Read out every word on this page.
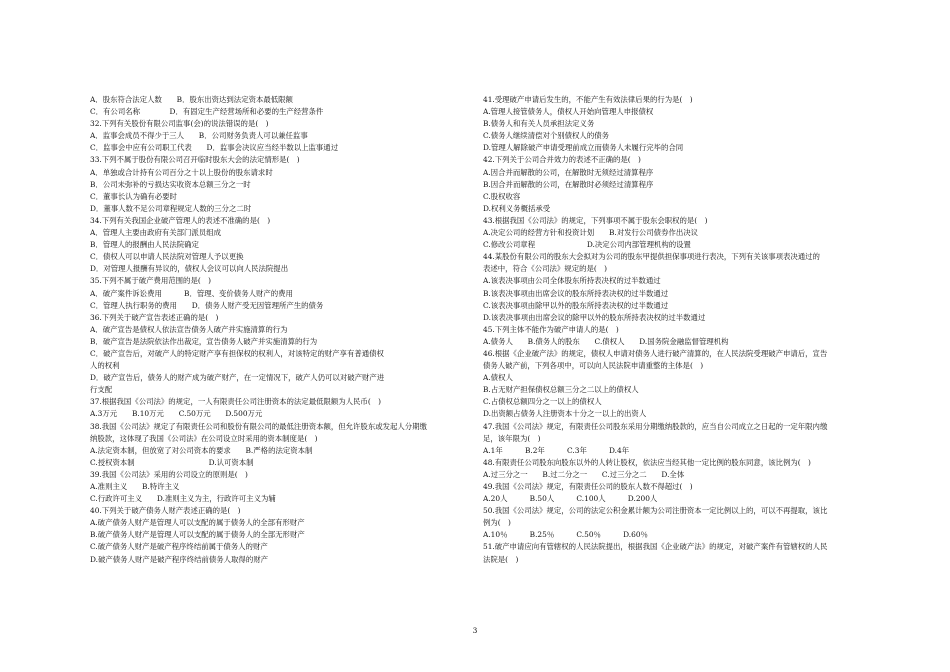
A．股东符合法定人数　　B．股东出资达到法定资本最低限额
C．有公司名称　　　　D．有固定生产经营场所和必要的生产经营条件
32.下列有关股份有限公司监事(会)的说法错误的是(　)
A．监事会成员不得少于三人　　B．公司财务负责人可以兼任监事
C．监事会中应有公司职工代表　　D．监事会决议应当经半数以上监事通过
33.下列不属于股份有限公司召开临时股东大会的法定情形是(　)
A．单独或合计持有公司百分之十以上股份的股东请求时
B．公司未弥补的亏损达实收资本总额三分之一时
C．董事长认为确有必要时
D．董事人数不足公司章程规定人数的三分之二时
34.下列有关我国企业破产管理人的表述不准确的是(　)
A．管理人主要由政府有关部门派员组成
B．管理人的报酬由人民法院确定
C．债权人可以申请人民法院对管理人予以更换
D．对管理人报酬有异议的，债权人会议可以向人民法院提出
35.下列不属于破产费用范围的是(　)
A．破产案件诉讼费用　　　B．管理、变价债务人财产的费用
C．管理人执行职务的费用　　D．债务人财产受无因管理所产生的债务
36.下列关于破产宣告表述正确的是(　)
A．破产宣告是债权人依法宣告债务人破产并实施清算的行为
B．破产宣告是法院依法作出裁定，宣告债务人破产并实施清算的行为
C．破产宣告后，对破产人的特定财产享有担保权的权利人，对该特定的财产享有普通债权
人的权利
D．破产宣告后，债务人的财产成为破产财产，在一定情况下，破产人仍可以对破产财产进
行支配
37.根据我国《公司法》的规定，一人有限责任公司注册资本的法定最低限额为人民币(　)
A.3万元　　B.10万元　　C.50万元　　D.500万元
38.我国《公司法》规定了有限责任公司和股份有限公司的最低注册资本额，但允许股东或发起人分期缴
纳股款，这体现了我国《公司法》在公司设立时采用的资本制度是(　)
A.法定资本制，但放宽了对公司资本的要求　　B.严格的法定资本制
C.授权资本制　　　　　　　　　　D.认可资本制
39.我国《公司法》采用的公司设立的原则是(　)
A.准则主义　　B.特许主义
C.行政许可主义　　D.准则主义为主，行政许可主义为辅
40.下列关于破产债务人财产表述正确的是(　)
A.破产债务人财产是管理人可以支配的属于债务人的全部有形财产
B.破产债务人财产是管理人可以支配的属于债务人的全部无形财产
C.破产债务人财产是破产程序终结前属于债务人的财产
D.破产债务人财产是破产程序终结前债务人取得的财产
41.受理破产申请后发生的，不能产生有效法律后果的行为是(　)
A.管理人接管债务人，债权人开始向管理人申报债权
B.债务人和有关人员承担法定义务
C.债务人继续清偿对个别债权人的债务
D.管理人解除破产申请受理前成立而债务人未履行完毕的合同
42.下列关于公司合并效力的表述不正确的是(　)
A.因合并而解散的公司，在解散时无须经过清算程序
B.因合并而解散的公司，在解散时必须经过清算程序
C.股权收容
D.权利义务概括承受
43.根据我国《公司法》的规定，下列事项不属于股东会职权的是(　)
A.决定公司的经营方针和投资计划　　B.对发行公司债券作出决议
C.修改公司章程　　　　　　　D.决定公司内部管理机构的设置
44.某股份有限公司的股东大会拟对为公司的股东甲提供担保事项进行表决，下列有关该事项表决通过的
表述中，符合《公司法》规定的是(　)
A.该表决事项由公司全体股东所持表决权的过半数通过
B.该表决事项由出席会议的股东所持表决权的过半数通过
C.该表决事项由除甲以外的股东所持表决权的过半数通过
D.该表决事项由出席会议的除甲以外的股东所持表决权的过半数通过
45.下列主体不能作为破产申请人的是(　)
A.债务人　　B.债务人的股东　　C.债权人　　D.国务院金融监督管理机构
46.根据《企业破产法》的规定，债权人申请对债务人进行破产清算的，在人民法院受理破产申请后，宣告
债务人破产前，下列各项中，可以向人民法院申请重整的主体是(　)
A.债权人
B.占无财产担保债权总额三分之二以上的债权人
C.占债权总额四分之一以上的债权人
D.出资额占债务人注册资本十分之一以上的出资人
47.我国《公司法》规定，有限责任公司股东采用分期缴纳股款的，应当自公司成立之日起的一定年限内缴
足，该年限为(　)
A.1年　　　B.2年　　　C.3年　　　D.4年
48.有限责任公司股东向股东以外的人转让股权，依法应当经其他一定比例的股东同意，该比例为(　)
A.过三分之一　　B.过二分之一　　C.过三分之二　　D.全体
49.我国《公司法》规定，有限责任公司的股东人数不得超过(　)
A.20人　　　B.50人　　　C.100人　　　D.200人
50.我国《公司法》规定，公司的法定公积金累计额为公司注册资本一定比例以上的，可以不再提取，该比
例为(　)
A.10％　　　B.25％　　　C.50％　　　D.60％
51.破产申请应向有管辖权的人民法院提出，根据我国《企业破产法》的规定，对破产案件有管辖权的人民
法院是(　)
3
